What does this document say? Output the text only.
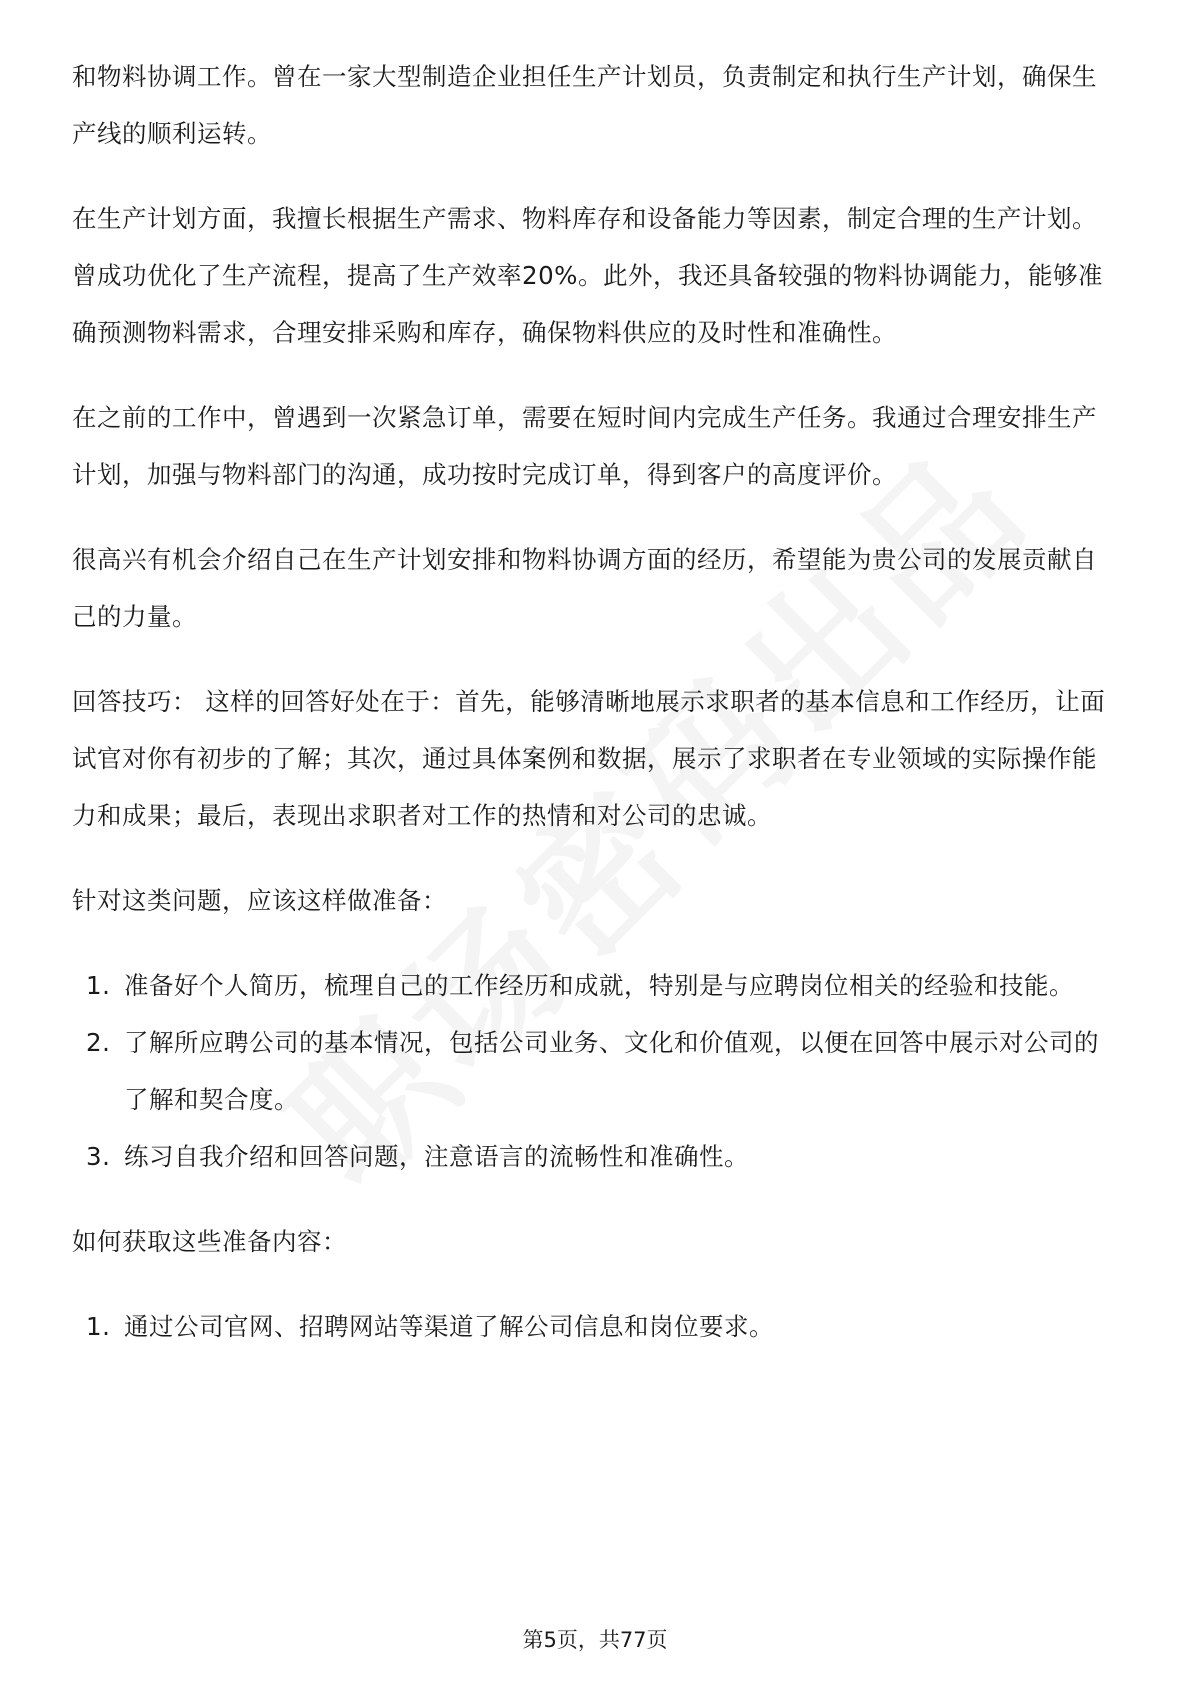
和物料协调工作。曾在一家大型制造企业担任生产计划员，负责制定和执行生产计划，确保生产线的顺利运转。

在生产计划方面，我擅长根据生产需求、物料库存和设备能力等因素，制定合理的生产计划。曾成功优化了生产流程，提高了生产效率20%。此外，我还具备较强的物料协调能力，能够准确预测物料需求，合理安排采购和库存，确保物料供应的及时性和准确性。

在之前的工作中，曾遇到一次紧急订单，需要在短时间内完成生产任务。我通过合理安排生产计划，加强与物料部门的沟通，成功按时完成订单，得到客户的高度评价。

很高兴有机会介绍自己在生产计划安排和物料协调方面的经历，希望能为贵公司的发展贡献自己的力量。

回答技巧： 这样的回答好处在于：首先，能够清晰地展示求职者的基本信息和工作经历，让面试官对你有初步的了解；其次，通过具体案例和数据，展示了求职者在专业领域的实际操作能力和成果；最后，表现出求职者对工作的热情和对公司的忠诚。

针对这类问题，应该这样做准备：

1. 准备好个人简历，梳理自己的工作经历和成就，特别是与应聘岗位相关的经验和技能。
2. 了解所应聘公司的基本情况，包括公司业务、文化和价值观，以便在回答中展示对公司的了解和契合度。
3. 练习自我介绍和回答问题，注意语言的流畅性和准确性。

如何获取这些准备内容：

1. 通过公司官网、招聘网站等渠道了解公司信息和岗位要求。
第5页，共77页
